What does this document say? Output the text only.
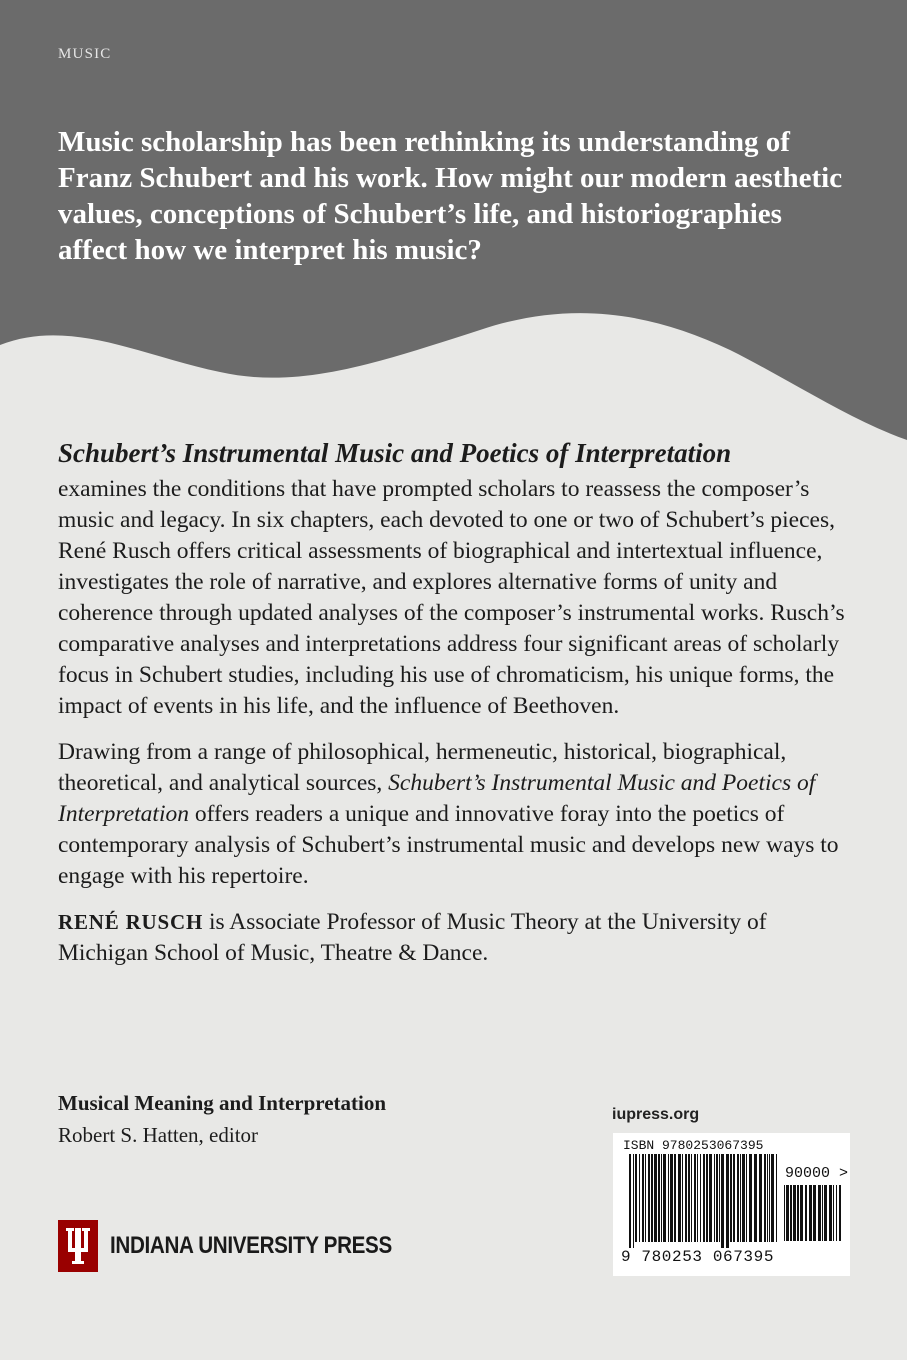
MUSIC
Music scholarship has been rethinking its understanding of Franz Schubert and his work. How might our modern aesthetic values, conceptions of Schubert’s life, and historiographies affect how we interpret his music?

Schubert’s Instrumental Music and Poetics of Interpretation
examines the conditions that have prompted scholars to reassess the composer’s music and legacy. In six chapters, each devoted to one or two of Schubert’s pieces, René Rusch offers critical assessments of biographical and intertextual influence, investigates the role of narrative, and explores alternative forms of unity and coherence through updated analyses of the composer’s instrumental works. Rusch’s comparative analyses and interpretations address four significant areas of scholarly focus in Schubert studies, including his use of chromaticism, his unique forms, the impact of events in his life, and the influence of Beethoven.

Drawing from a range of philosophical, hermeneutic, historical, biographical, theoretical, and analytical sources, Schubert’s Instrumental Music and Poetics of Interpretation offers readers a unique and innovative foray into the poetics of contemporary analysis of Schubert’s instrumental music and develops new ways to engage with his repertoire.

RENÉ RUSCH is Associate Professor of Music Theory at the University of Michigan School of Music, Theatre & Dance.

Musical Meaning and Interpretation
Robert S. Hatten, editor
INDIANA UNIVERSITY PRESS
iupress.org
ISBN 9780253067395
90000 >
9 780253 067395
